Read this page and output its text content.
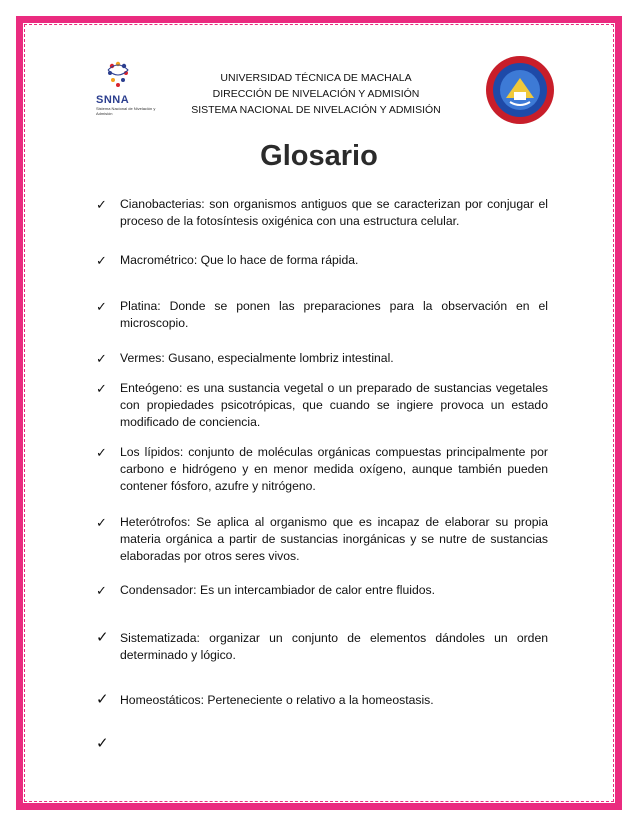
SNNA
Sistema Nacional de Nivelación y Admisión
UNIVERSIDAD TÉCNICA DE MACHALA
DIRECCIÓN DE NIVELACIÓN Y ADMISIÓN
SISTEMA NACIONAL DE NIVELACIÓN Y ADMISIÓN
Glosario
✓ Cianobacterias: son organismos antiguos que se caracterizan por conjugar el proceso de la fotosíntesis oxigénica con una estructura celular.
✓ Macrométrico: Que lo hace de forma rápida.
✓ Platina: Donde se ponen las preparaciones para la observación en el microscopio.
✓ Vermes: Gusano, especialmente lombriz intestinal.
✓ Enteógeno: es una sustancia vegetal o un preparado de sustancias vegetales con propiedades psicotrópicas, que cuando se ingiere provoca un estado modificado de conciencia.
✓ Los lípidos: conjunto de moléculas orgánicas compuestas principalmente por carbono e hidrógeno y en menor medida oxígeno, aunque también pueden contener fósforo, azufre y nitrógeno.
✓ Heterótrofos: Se aplica al organismo que es incapaz de elaborar su propia materia orgánica a partir de sustancias inorgánicas y se nutre de sustancias elaboradas por otros seres vivos.
✓ Condensador: Es un intercambiador de calor entre fluidos.
✓ Sistematizada: organizar un conjunto de elementos dándoles un orden determinado y lógico.
✓ Homeostáticos: Perteneciente o relativo a la homeostasis.
✓
